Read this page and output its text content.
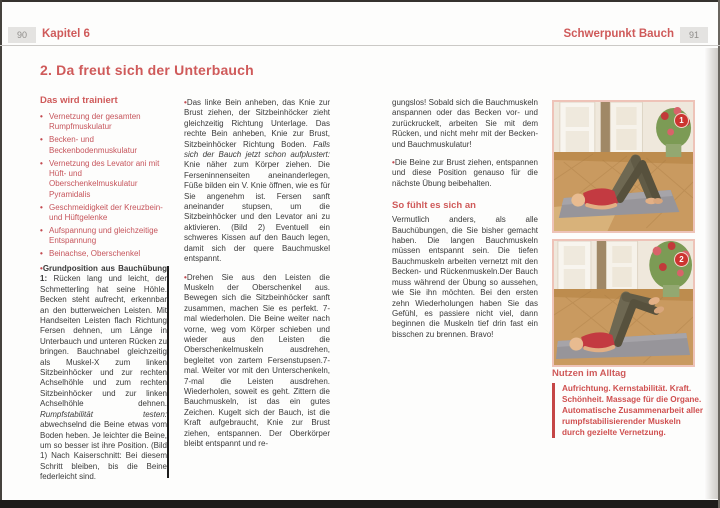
90	Kapitel 6	Schwerpunkt Bauch	91
2. Da freut sich der Unterbauch
Das wird trainiert
• Vernetzung der gesamten Rumpfmuskulatur
• Becken- und Beckenbodenmuskulatur
• Vernetzung des Levator ani mit Hüft- und Oberschenkelmuskulatur Pyramidalis
• Geschmeidigkeit der Kreuzbein- und Hüftgelenke
• Aufspannung und gleichzeitige Entspannung
• Beinachse, Oberschenkel

• Grundposition aus Bauchübung 1: Rücken lang und leicht, der Schmetterling hat seine Höhle. Becken steht aufrecht, erkennbar an den butterweichen Leisten. Mit Handseiten Leisten flach Richtung Fersen dehnen, um Länge in Unterbauch und unteren Rücken zu bringen. Bauchnabel gleichzeitig als Muskel-X zum linken Sitzbeinhöcker und zur rechten Achselhöhle und zum rechten Sitzbeinhöcker und zur linken Achselhöhle dehnen. Rumpfstabilität testen: abwechselnd die Beine etwas vom Boden heben. Je leichter die Beine, um so besser ist ihre Position. (Bild 1) Nach Kaiserschnitt: Bei diesem Schritt bleiben, bis die Beine federleicht sind.

• Das linke Bein anheben, das Knie zur Brust ziehen, der Sitzbeinhöcker zieht gleichzeitig Richtung Unterlage. Das rechte Bein anheben, Knie zur Brust, Sitzbeinhöcker Richtung Boden. Falls sich der Bauch jetzt schon aufplustert: Knie näher zum Körper ziehen. Die Ferseninnenseiten aneinanderlegen, Füße bilden ein V. Knie öffnen, wie es für Sie angenehm ist. Fersen sanft aneinander stupsen, um die Sitzbeinhöcker und den Levator ani zu aktivieren. (Bild 2) Eventuell ein schweres Kissen auf den Bauch legen, damit sich der quere Bauchmuskel entspannt.

• Drehen Sie aus den Leisten die Muskeln der Oberschenkel aus. Bewegen sich die Sitzbeinhöcker sanft zusammen, machen Sie es perfekt. 7-mal wiederholen. Die Beine weiter nach vorne, weg vom Körper schieben und wieder aus den Leisten die Oberschenkelmuskeln ausdrehen, begleitet von zartem Fersenstupsen.7-mal. Weiter vor mit den Unterschenkeln, 7-mal die Leisten ausdrehen. Wiederholen, soweit es geht. Zittern die Bauchmuskeln, ist das ein gutes Zeichen. Kugelt sich der Bauch, ist die Kraft aufgebraucht, Knie zur Brust ziehen, entspannen. Der Oberkörper bleibt entspannt und re-

gungslos! Sobald sich die Bauchmuskeln anspannen oder das Becken vor- und zurückruckelt, arbeiten Sie mit dem Rücken, und nicht mehr mit der Becken- und Bauchmuskulatur!

• Die Beine zur Brust ziehen, entspannen und diese Position genauso für die nächste Übung beibehalten.

So fühlt es sich an

Vermutlich anders, als alle Bauchübungen, die Sie bisher gemacht haben. Die langen Bauchmuskeln müssen entspannt sein. Die tiefen Bauchmuskeln arbeiten vernetzt mit den Becken- und Rückenmuskeln.Der Bauch muss während der Übung so aussehen, wie Sie ihn möchten. Bei den ersten zehn Wiederholungen haben Sie das Gefühl, es passiere nicht viel, dann beginnen die Muskeln tief drin fast ein bisschen zu brennen. Bravo!

1
2
Nutzen im Alltag

Aufrichtung. Kernstabilität. Kraft. Schönheit. Massage für die Organe. Automatische Zusammenarbeit aller rumpfstabilisierender Muskeln durch gezielte Vernetzung.
